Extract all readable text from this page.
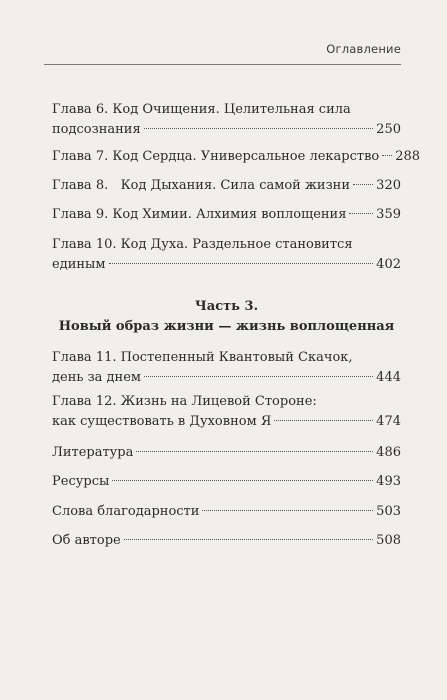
Оглавление
Глава 6. Код Очищения. Целительная сила
подсознания	250
Глава 7. Код Сердца. Универсальное лекарство 288
Глава 8.   Код Дыхания. Сила самой жизни 320
Глава 9. Код Химии. Алхимия воплощения 359
Глава 10. Код Духа. Раздельное становится
единым	402
Часть 3.
Новый образ жизни — жизнь воплощенная
Глава 11. Постепенный Квантовый Скачок,
день за днем	444
Глава 12. Жизнь на Лицевой Стороне:
как существовать в Духовном Я	474
Литература	486
Ресурсы	493
Слова благодарности	503
Об авторе	508
